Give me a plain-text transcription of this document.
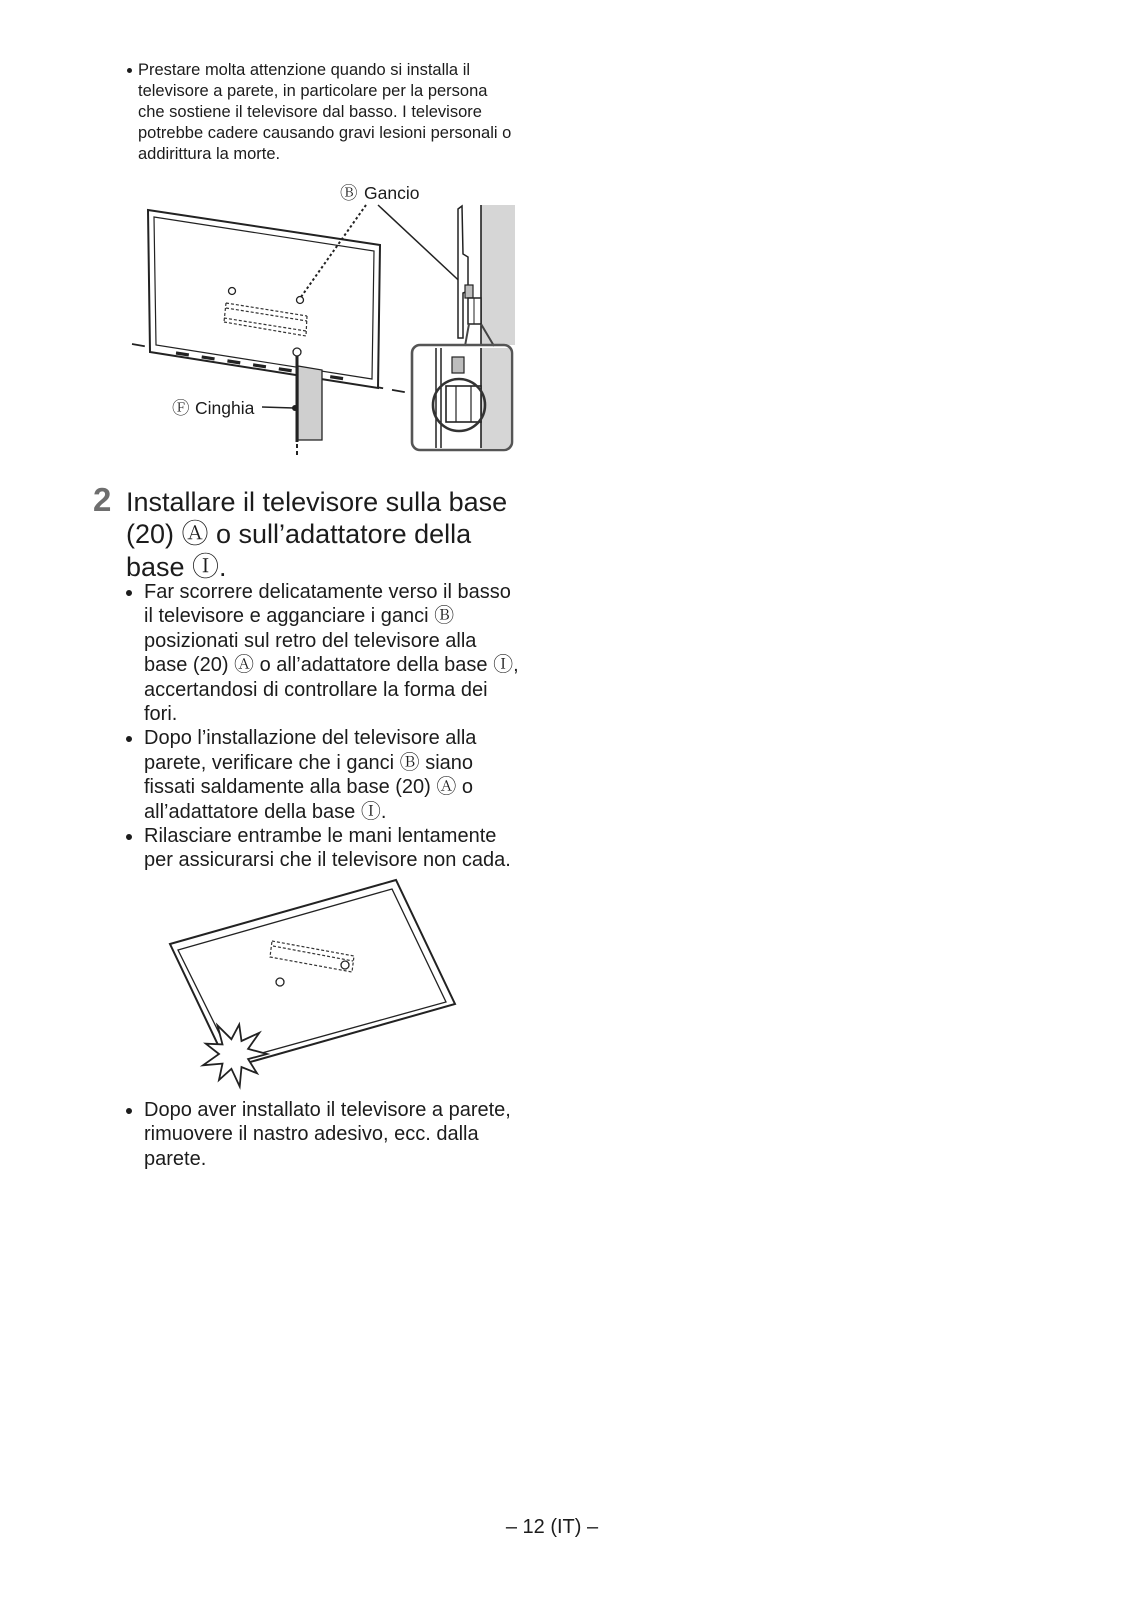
Prestare molta attenzione quando si installa il
televisore a parete, in particolare per la persona
che sostiene il televisore dal basso. I televisore
potrebbe cadere causando gravi lesioni personali o
addirittura la morte.
Ⓑ Gancio
Ⓕ Cinghia
2 Installare il televisore sulla base
(20) Ⓐ o sull’adattatore della
base Ⓘ.
Far scorrere delicatamente verso il basso
il televisore e agganciare i ganci Ⓑ
posizionati sul retro del televisore alla
base (20) Ⓐ o all’adattatore della base Ⓘ,
accertandosi di controllare la forma dei
fori.
Dopo l’installazione del televisore alla
parete, verificare che i ganci Ⓑ siano
fissati saldamente alla base (20) Ⓐ o
all’adattatore della base Ⓘ.
Rilasciare entrambe le mani lentamente
per assicurarsi che il televisore non cada.
Dopo aver installato il televisore a parete,
rimuovere il nastro adesivo, ecc. dalla
parete.
– 12 (IT) –
